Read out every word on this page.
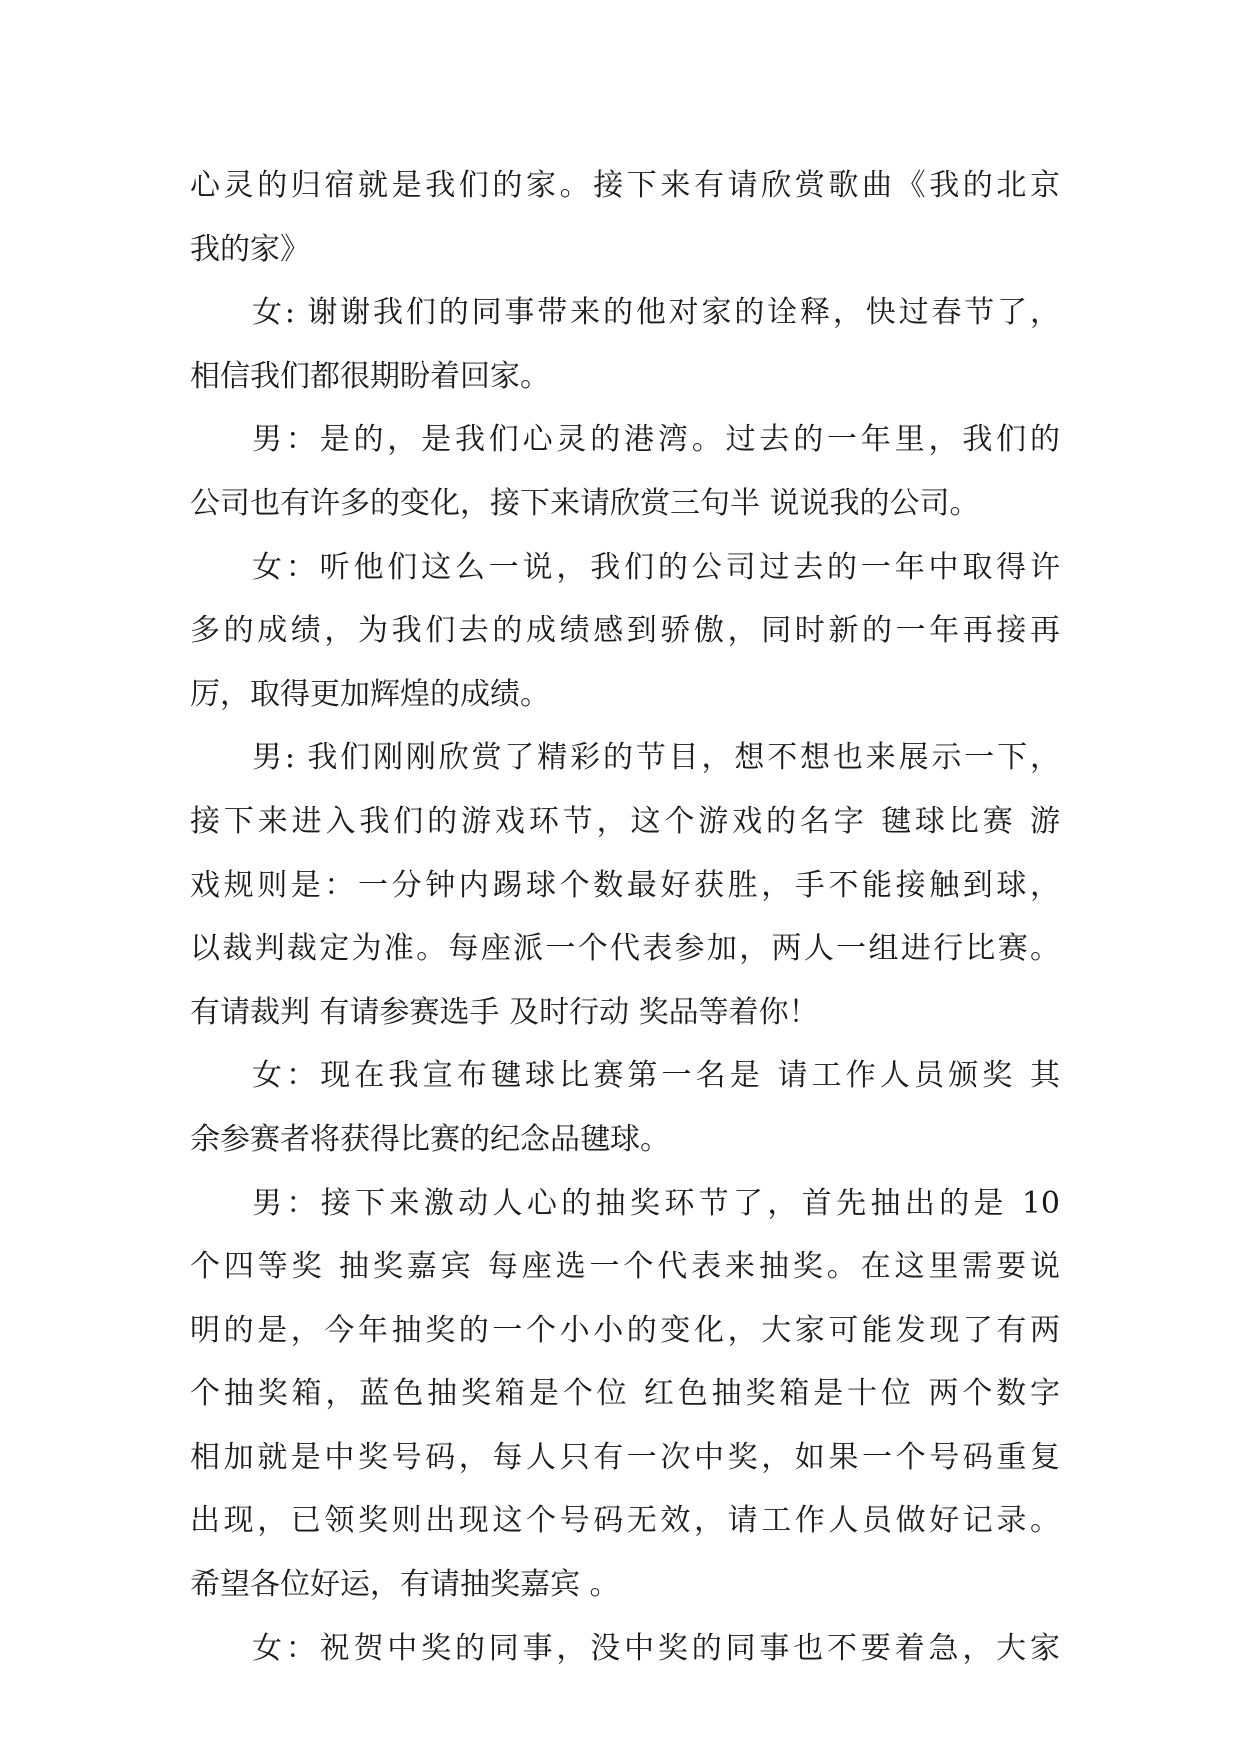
心灵的归宿就是我们的家。接下来有请欣赏歌曲《我的北京
我的家》
女: 谢谢我们的同事带来的他对家的诠释，快过春节了，
相信我们都很期盼着回家。
男：是的，是我们心灵的港湾。过去的一年里，我们的
公司也有许多的变化，接下来请欣赏三句半 说说我的公司。
女：听他们这么一说，我们的公司过去的一年中取得许
多的成绩，为我们去的成绩感到骄傲，同时新的一年再接再
厉，取得更加辉煌的成绩。
男: 我们刚刚欣赏了精彩的节目，想不想也来展示一下，
接下来进入我们的游戏环节，这个游戏的名字 毽球比赛 游
戏规则是：一分钟内踢球个数最好获胜，手不能接触到球，
以裁判裁定为准。每座派一个代表参加，两人一组进行比赛。
有请裁判 有请参赛选手 及时行动 奖品等着你！
女：现在我宣布毽球比赛第一名是 请工作人员颁奖 其
余参赛者将获得比赛的纪念品毽球。
男：接下来激动人心的抽奖环节了，首先抽出的是 10
个四等奖 抽奖嘉宾 每座选一个代表来抽奖。在这里需要说
明的是，今年抽奖的一个小小的变化，大家可能发现了有两
个抽奖箱，蓝色抽奖箱是个位 红色抽奖箱是十位 两个数字
相加就是中奖号码，每人只有一次中奖，如果一个号码重复
出现，已领奖则出现这个号码无效，请工作人员做好记录。
希望各位好运，有请抽奖嘉宾 。
女：祝贺中奖的同事，没中奖的同事也不要着急，大家
